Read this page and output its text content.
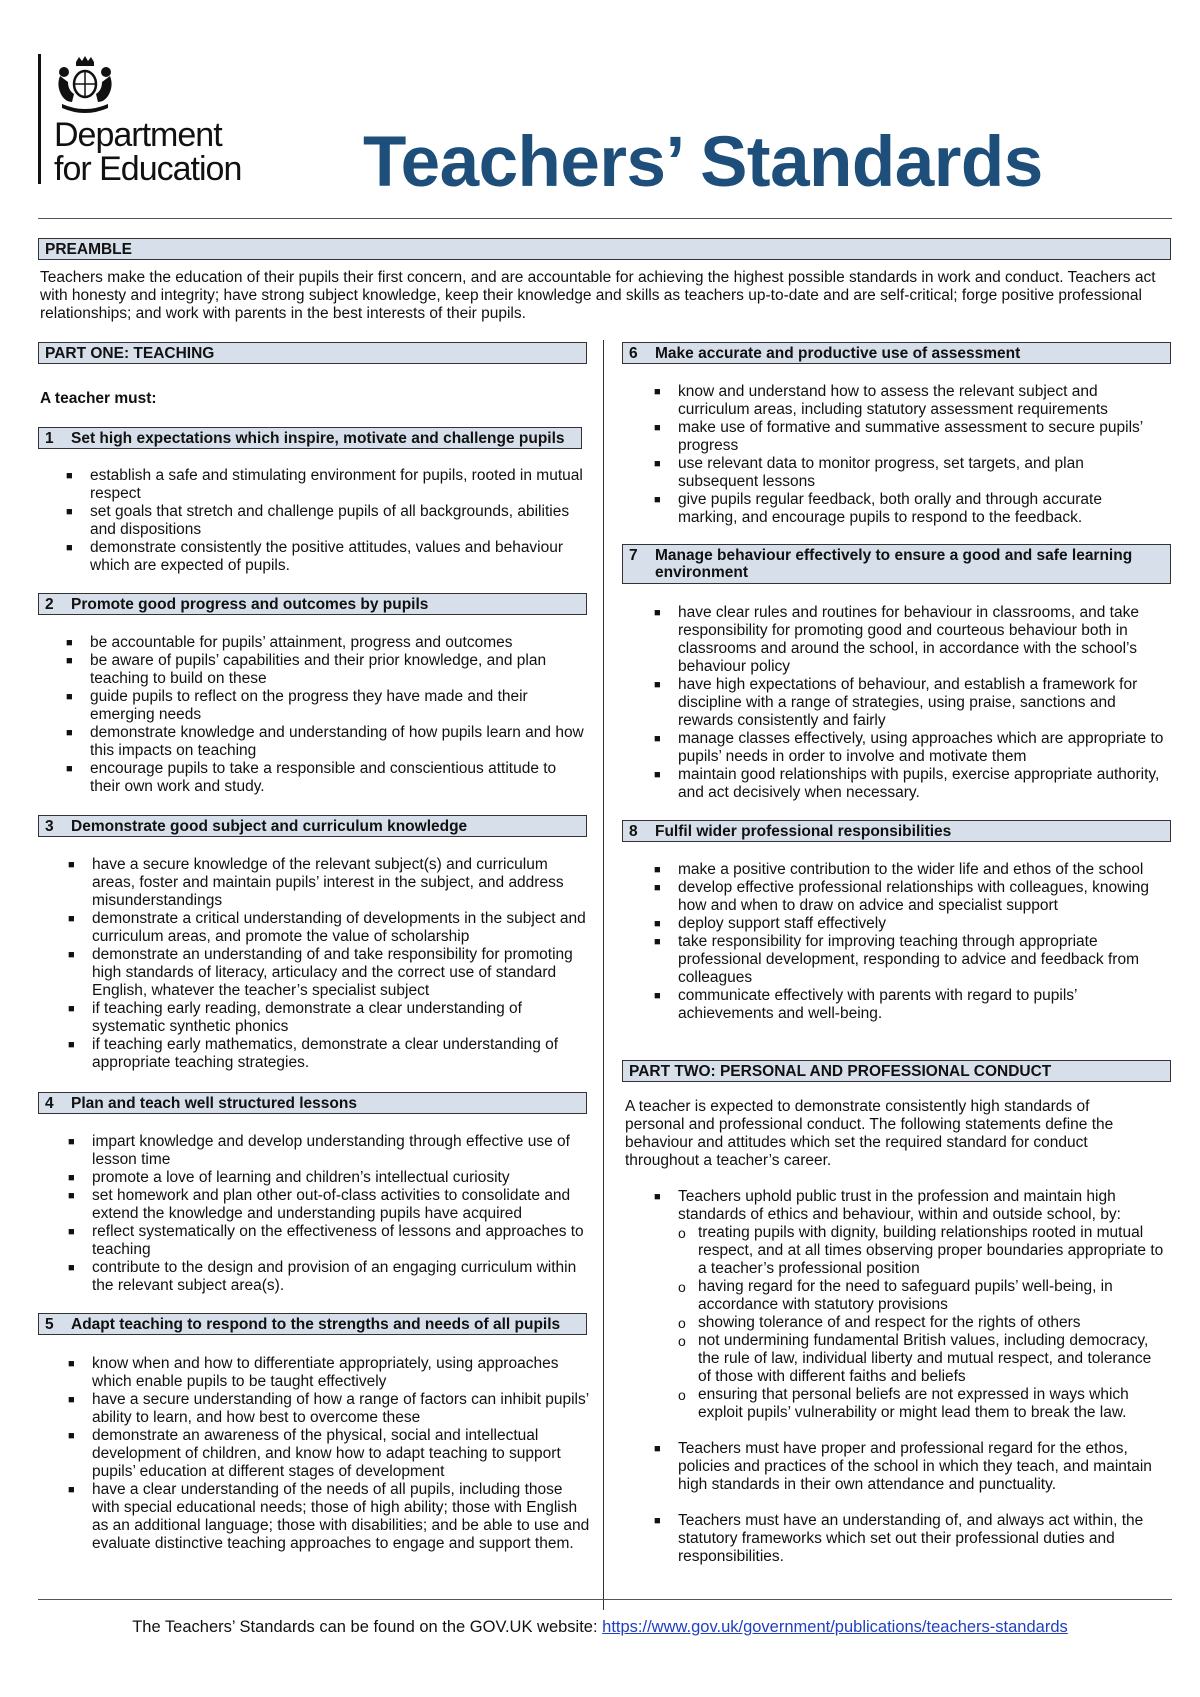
Department
for Education Teachers’ Standards
PREAMBLE

Teachers make the education of their pupils their first concern, and are accountable for achieving the highest possible standards in work and conduct. Teachers act with honesty and integrity; have strong subject knowledge, keep their knowledge and skills as teachers up-to-date and are self-critical; forge positive professional relationships; and work with parents in the best interests of their pupils.

PART ONE: TEACHING

A teacher must:

1 Set high expectations which inspire, motivate and challenge pupils
■ establish a safe and stimulating environment for pupils, rooted in mutual respect
■ set goals that stretch and challenge pupils of all backgrounds, abilities and dispositions
■ demonstrate consistently the positive attitudes, values and behaviour which are expected of pupils.
2 Promote good progress and outcomes by pupils
■ be accountable for pupils’ attainment, progress and outcomes
■ be aware of pupils’ capabilities and their prior knowledge, and plan teaching to build on these
■ guide pupils to reflect on the progress they have made and their emerging needs
■ demonstrate knowledge and understanding of how pupils learn and how this impacts on teaching
■ encourage pupils to take a responsible and conscientious attitude to their own work and study.
3 Demonstrate good subject and curriculum knowledge
■ have a secure knowledge of the relevant subject(s) and curriculum areas, foster and maintain pupils’ interest in the subject, and address misunderstandings
■ demonstrate a critical understanding of developments in the subject and curriculum areas, and promote the value of scholarship
■ demonstrate an understanding of and take responsibility for promoting high standards of literacy, articulacy and the correct use of standard English, whatever the teacher’s specialist subject
■ if teaching early reading, demonstrate a clear understanding of systematic synthetic phonics
■ if teaching early mathematics, demonstrate a clear understanding of appropriate teaching strategies.
4 Plan and teach well structured lessons
■ impart knowledge and develop understanding through effective use of lesson time
■ promote a love of learning and children’s intellectual curiosity
■ set homework and plan other out-of-class activities to consolidate and extend the knowledge and understanding pupils have acquired
■ reflect systematically on the effectiveness of lessons and approaches to teaching
■ contribute to the design and provision of an engaging curriculum within the relevant subject area(s).
5 Adapt teaching to respond to the strengths and needs of all pupils
■ know when and how to differentiate appropriately, using approaches which enable pupils to be taught effectively
■ have a secure understanding of how a range of factors can inhibit pupils’ ability to learn, and how best to overcome these
■ demonstrate an awareness of the physical, social and intellectual development of children, and know how to adapt teaching to support pupils’ education at different stages of development
■ have a clear understanding of the needs of all pupils, including those with special educational needs; those of high ability; those with English as an additional language; those with disabilities; and be able to use and evaluate distinctive teaching approaches to engage and support them.
6 Make accurate and productive use of assessment
■ know and understand how to assess the relevant subject and curriculum areas, including statutory assessment requirements
■ make use of formative and summative assessment to secure pupils’ progress
■ use relevant data to monitor progress, set targets, and plan subsequent lessons
■ give pupils regular feedback, both orally and through accurate marking, and encourage pupils to respond to the feedback.
7	Manage behaviour effectively to ensure a good and safe learning environment
■ have clear rules and routines for behaviour in classrooms, and take responsibility for promoting good and courteous behaviour both in classrooms and around the school, in accordance with the school’s behaviour policy
■ have high expectations of behaviour, and establish a framework for discipline with a range of strategies, using praise, sanctions and rewards consistently and fairly
■ manage classes effectively, using approaches which are appropriate to pupils’ needs in order to involve and motivate them
■ maintain good relationships with pupils, exercise appropriate authority, and act decisively when necessary.
8 Fulfil wider professional responsibilities
■ make a positive contribution to the wider life and ethos of the school
■ develop effective professional relationships with colleagues, knowing how and when to draw on advice and specialist support
■ deploy support staff effectively
■ take responsibility for improving teaching through appropriate professional development, responding to advice and feedback from colleagues
■ communicate effectively with parents with regard to pupils’ achievements and well-being.
PART TWO: PERSONAL AND PROFESSIONAL CONDUCT

A teacher is expected to demonstrate consistently high standards of personal and professional conduct. The following statements define the behaviour and attitudes which set the required standard for conduct throughout a teacher’s career.

■ Teachers uphold public trust in the profession and maintain high standards of ethics and behaviour, within and outside school, by:
o treating pupils with dignity, building relationships rooted in mutual respect, and at all times observing proper boundaries appropriate to a teacher’s professional position
o having regard for the need to safeguard pupils’ well-being, in accordance with statutory provisions
o showing tolerance of and respect for the rights of others
o not undermining fundamental British values, including democracy, the rule of law, individual liberty and mutual respect, and tolerance of those with different faiths and beliefs
o ensuring that personal beliefs are not expressed in ways which exploit pupils’ vulnerability or might lead them to break the law.
■ Teachers must have proper and professional regard for the ethos, policies and practices of the school in which they teach, and maintain high standards in their own attendance and punctuality.
■ Teachers must have an understanding of, and always act within, the statutory frameworks which set out their professional duties and responsibilities.
The Teachers’ Standards can be found on the GOV.UK website: https://www.gov.uk/government/publications/teachers-standards
